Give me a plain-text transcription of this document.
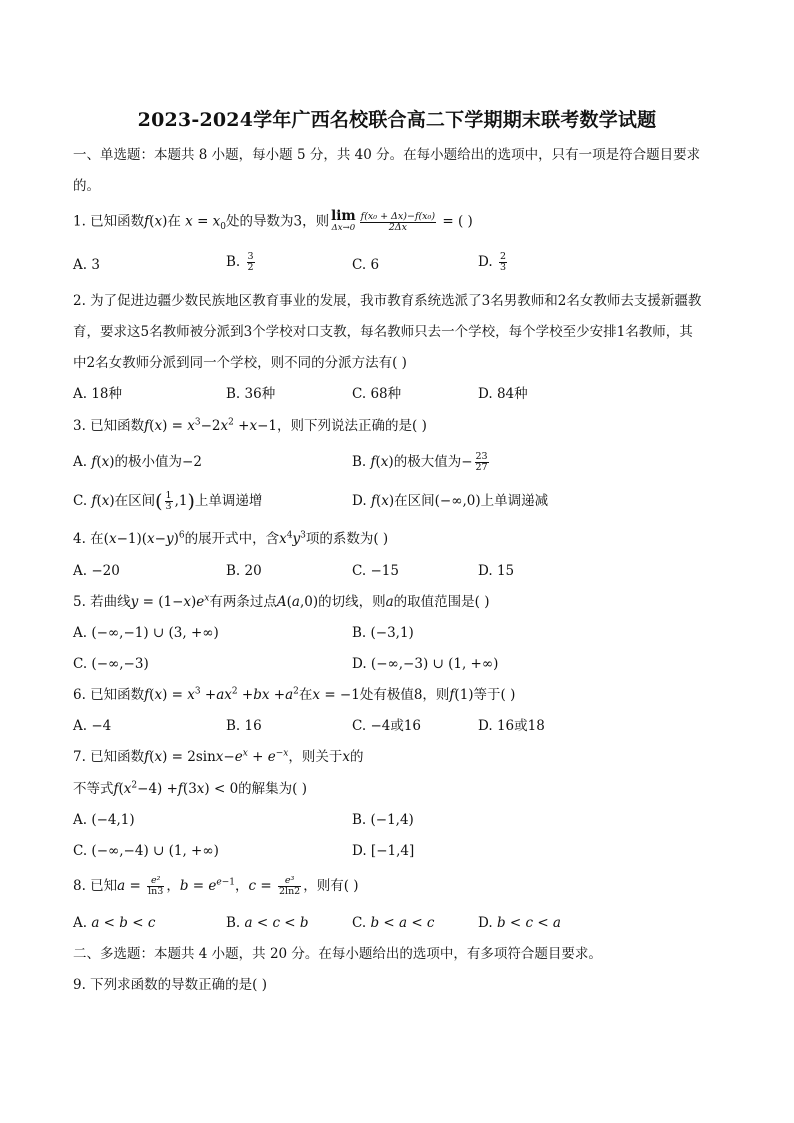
2023-2024学年广西名校联合高二下学期期末联考数学试题
一、单选题：本题共 8 小题，每小题 5 分，共 40 分。在每小题给出的选项中，只有一项是符合题目要求
的。
1. 已知函数f(x)在 $x = x_0$处的导数为3，则 lim
$\Delta x\to 0 \frac{\text{f(x₀ + Δx)−f(x₀)}}{2\Delta x}$ = ( )
A. 3	B. $\frac{3}{2}$	C. 6	D. $\frac{2}{3}$
2. 为了促进边疆少数民族地区教育事业的发展，我市教育系统选派了3名男教师和2名女教师去支援新疆教
育，要求这5名教师被分派到3个学校对口支教，每名教师只去一个学校，每个学校至少安排1名教师，其
中2名女教师分派到同一个学校，则不同的分派方法有( )
A. 18种	B. 36种	C. 68种	D. 84种
3. 已知函数$f(x) = x^3-2x^2 +x-1$，则下列说法正确的是( )
A. f(x)的极小值为−2	B. f(x)的极大值为− $\frac{23}{27}$
C. f(x)在区间( $\frac{1}{3} ,1$)上单调递增	D. f(x)在区间(−∞,0)上单调递减
4. 在$(x-1)(x-y)^6$的展开式中，含$x^4y^3$项的系数为( )
A. −20	B. 20	C. −15	D. 15
5. 若曲线$y = (1-x)e^x$有两条过点A(a,0)的切线，则a的取值范围是( )
A. (−∞,−1) ∪ (3, +∞)	B. (−3,1)
C. (−∞,−3)	D. (−∞,−3) ∪ (1, +∞)
6. 已知函数$f(x) = x^3 +ax^2 +bx +a^2$在x = −1处有极值8，则f(1)等于( )
A. −4	B. 16	C. −4或16	D. 16或18
7. 已知函数$f(x) = 2\sin x-e^x + e^{-x}$，则关于x的
不等式$f(x^2-4) +f(3x) < 0$的解集为( )
A. (−4,1)	B. (−1,4)
C. (−∞,−4) ∪ (1, +∞)	D. [−1,4]
8. 已知$a = \frac{\text{e²}}{\ln 3}$ ，$b = e^{e-1}$，$c = \frac{\text{e³}}{2\ln 2}$ ，则有( )
A. a < b < c	B. a < c < b	C. b < a < c	D. b < c < a
二、多选题：本题共 4 小题，共 20 分。在每小题给出的选项中，有多项符合题目要求。
9. 下列求函数的导数正确的是( )
